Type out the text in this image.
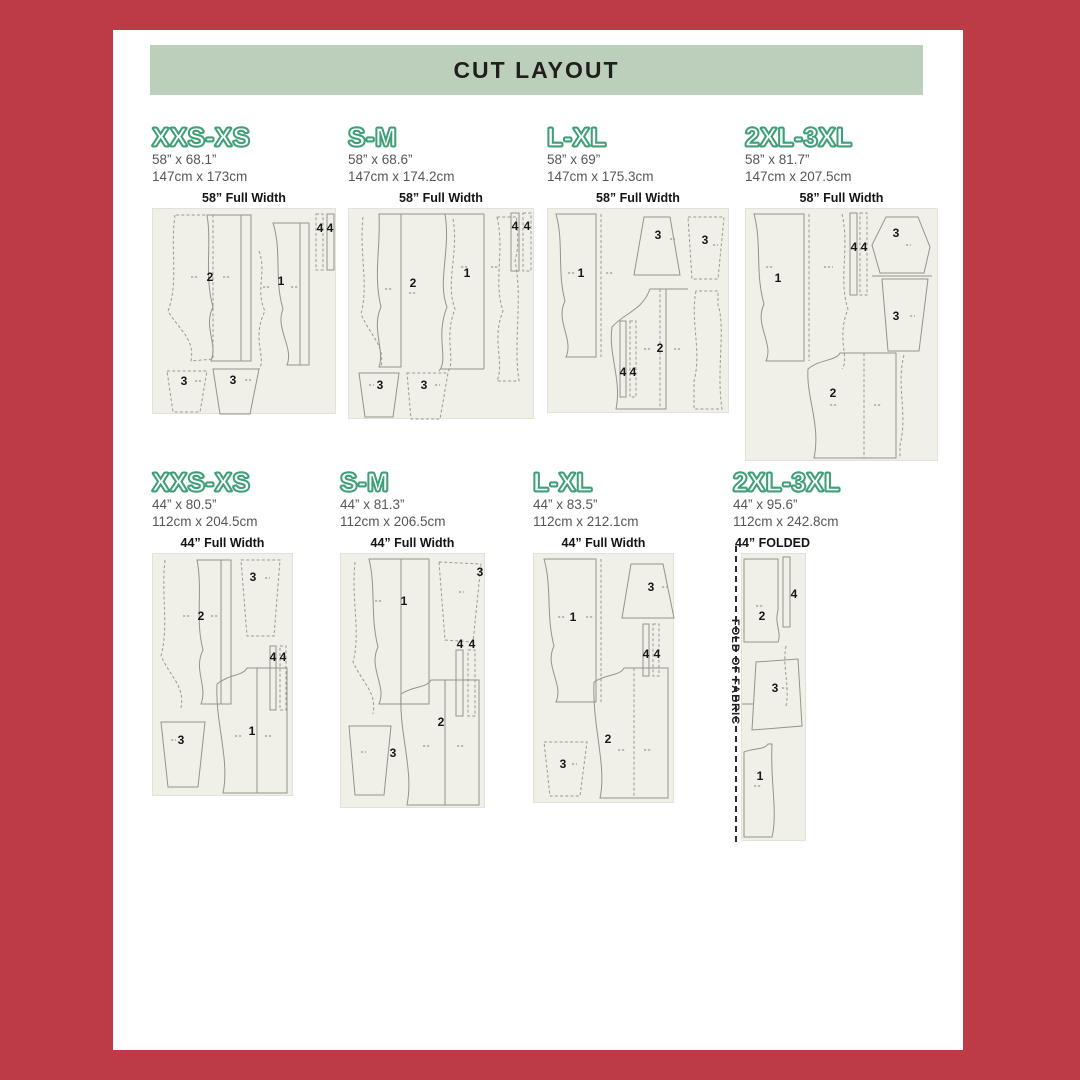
CUT LAYOUT
XXS-XS
58” x 68.1”
147cm x 173cm
58” Full Width
2	1
4 4
3	3
S-M
58” x 68.6”
147cm x 174.2cm
58” Full Width
2
1
4 4
3	3
L-XL
58” x 69”
147cm x 175.3cm
58” Full Width
1
3	3
2
4 4
2XL-3XL
58” x 81.7”
147cm x 207.5cm
58” Full Width
1
4 4
3
3
2
XXS-XS
44” x 80.5”
112cm x 204.5cm
44” Full Width
2
3
4 4
3
1
S-M
44” x 81.3”
112cm x 206.5cm
44” Full Width
1
3
4 4
3
2
L-XL
44” x 83.5”
112cm x 212.1cm
44” Full Width
1
3
4 4
2
3
2XL-3XL
44” x 95.6”
112cm x 242.8cm
44” FOLDED
FOLD OF FABRIC
2
4
3
1
